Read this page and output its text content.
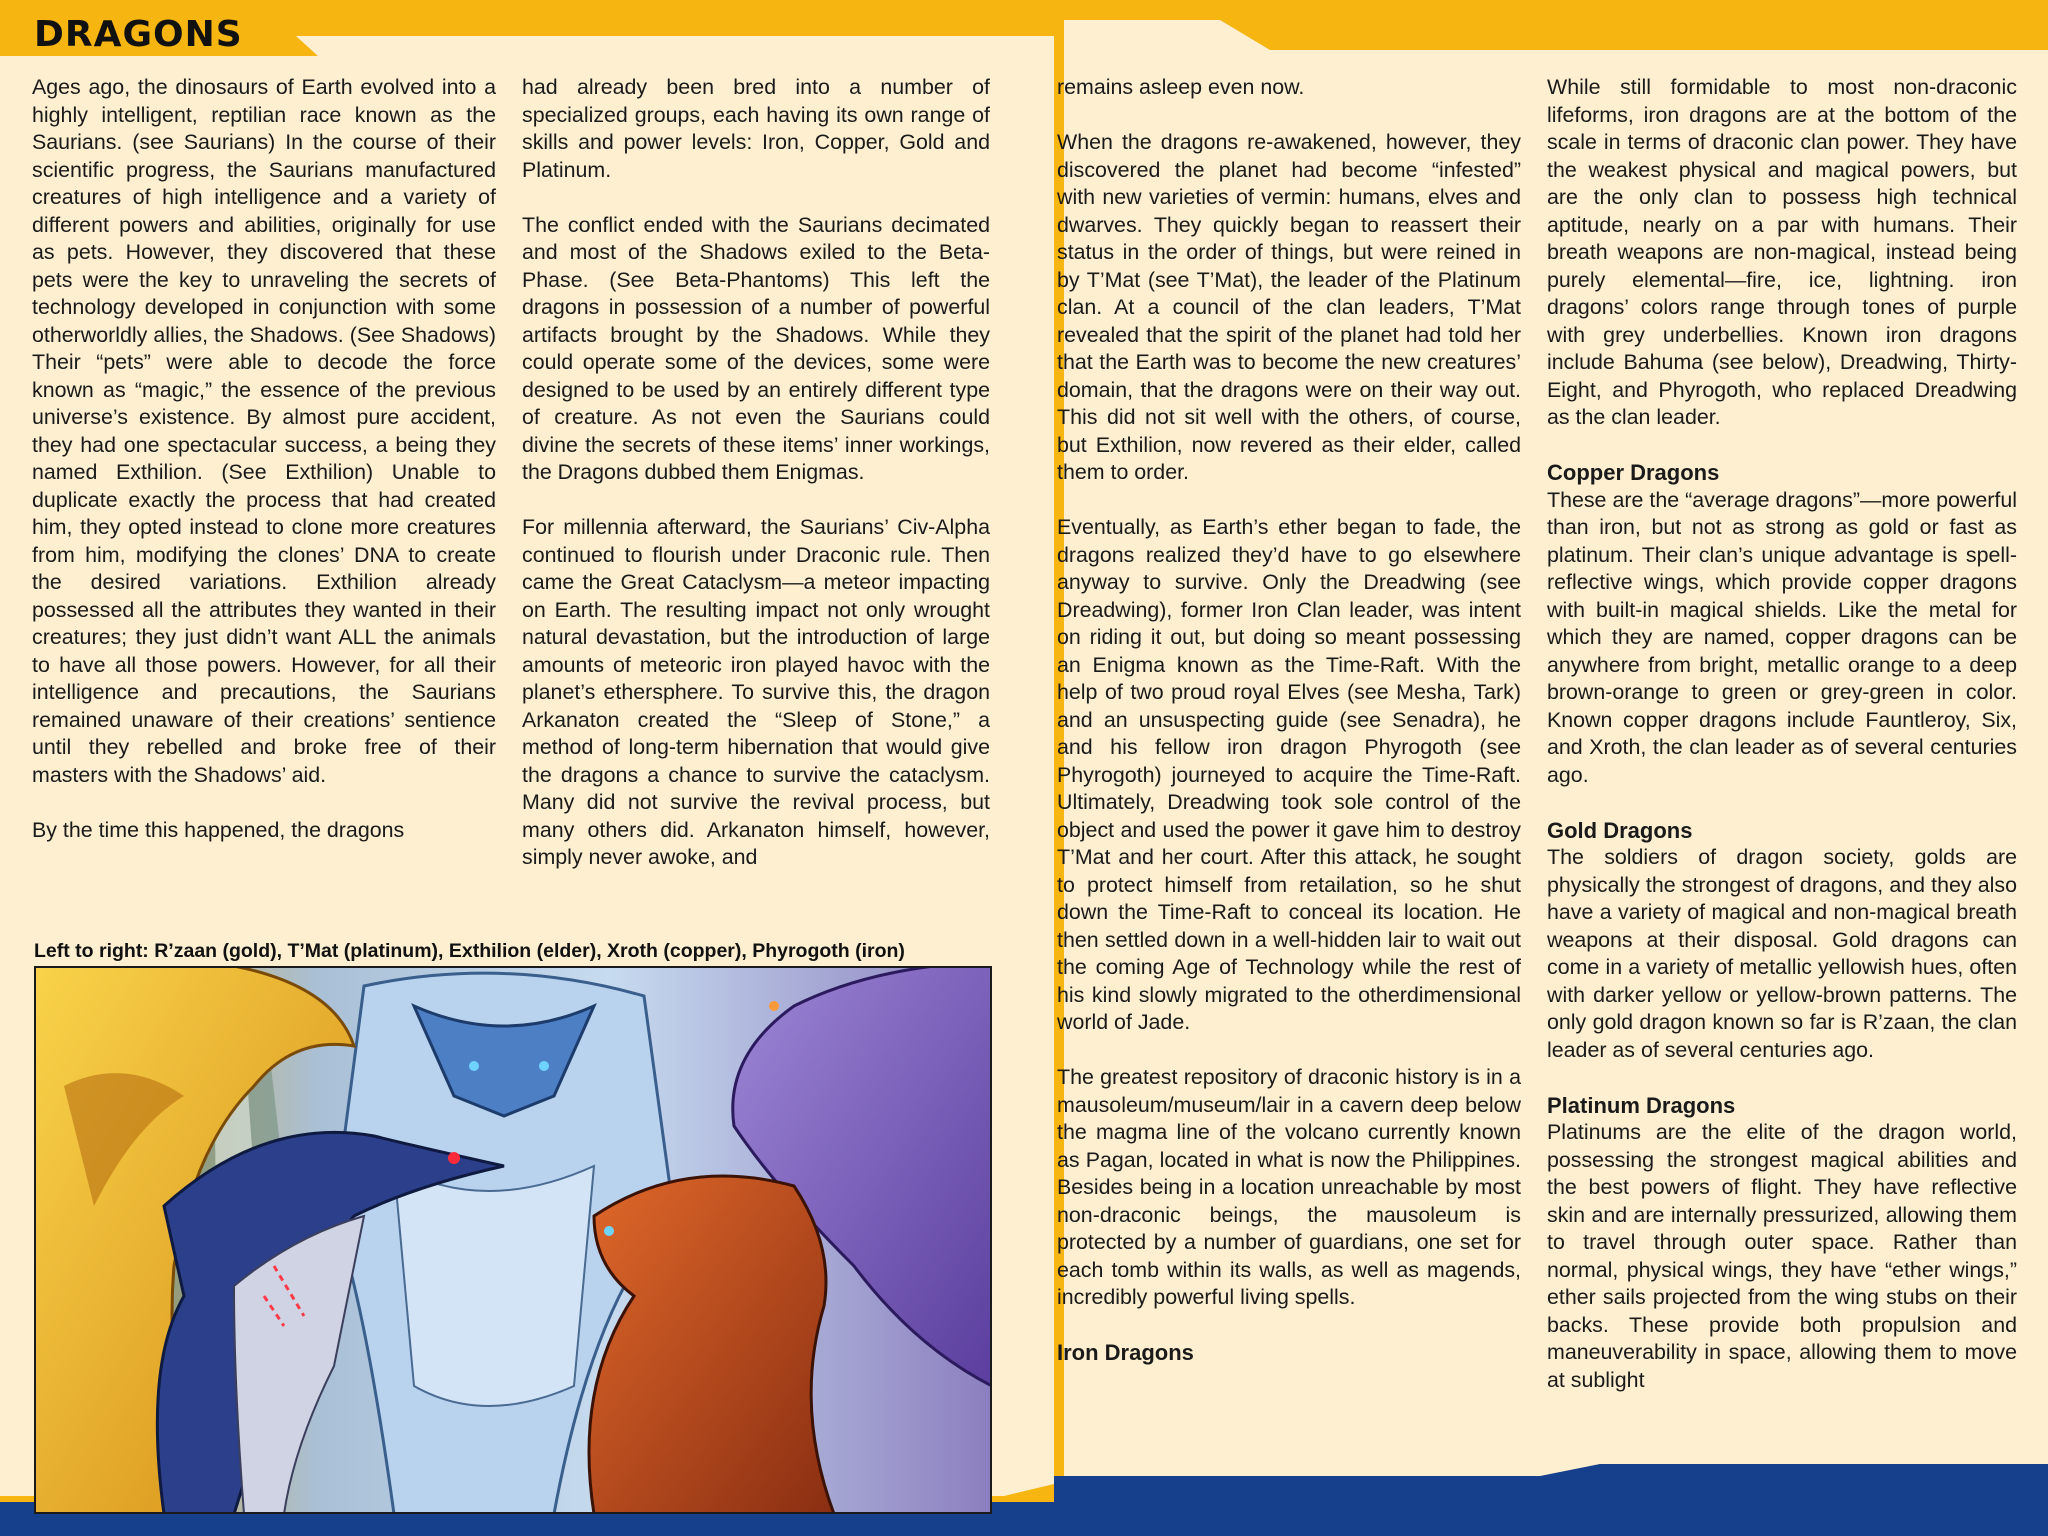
DRAGONS

Ages ago, the dinosaurs of Earth evolved into a highly intelligent, reptilian race known as the Saurians. (see Saurians) In the course of their scientific progress, the Saurians manufactured creatures of high intelligence and a variety of different powers and abilities, originally for use as pets. However, they discovered that these pets were the key to unraveling the secrets of technology developed in conjunction with some otherworldly allies, the Shadows. (See Shadows) Their “pets” were able to decode the force known as “magic,” the essence of the previous universe’s existence. By almost pure accident, they had one spectacular success, a being they named Exthilion. (See Exthilion) Unable to duplicate exactly the process that had created him, they opted instead to clone more creatures from him, modifying the clones’ DNA to create the desired variations. Exthilion already possessed all the attributes they wanted in their creatures; they just didn’t want ALL the animals to have all those powers. However, for all their intelligence and precautions, the Saurians remained unaware of their creations’ sentience until they rebelled and broke free of their masters with the Shadows’ aid.

By the time this happened, the dragons

had already been bred into a number of specialized groups, each having its own range of skills and power levels: Iron, Copper, Gold and Platinum.

The conflict ended with the Saurians decimated and most of the Shadows exiled to the Beta-Phase. (See Beta-Phantoms) This left the dragons in possession of a number of powerful artifacts brought by the Shadows. While they could operate some of the devices, some were designed to be used by an entirely different type of creature. As not even the Saurians could divine the secrets of these items’ inner workings, the Dragons dubbed them Enigmas.

For millennia afterward, the Saurians’ Civ-Alpha continued to flourish under Draconic rule. Then came the Great Cataclysm—a meteor impacting on Earth. The resulting impact not only wrought natural devastation, but the introduction of large amounts of meteoric iron played havoc with the planet’s ethersphere. To survive this, the dragon Arkanaton created the “Sleep of Stone,” a method of long-term hibernation that would give the dragons a chance to survive the cataclysm. Many did not survive the revival process, but many others did. Arkanaton himself, however, simply never awoke, and

remains asleep even now.

When the dragons re-awakened, however, they discovered the planet had become “infested” with new varieties of vermin: humans, elves and dwarves. They quickly began to reassert their status in the order of things, but were reined in by T’Mat (see T’Mat), the leader of the Platinum clan. At a council of the clan leaders, T’Mat revealed that the spirit of the planet had told her that the Earth was to become the new creatures’ domain, that the dragons were on their way out. This did not sit well with the others, of course, but Exthilion, now revered as their elder, called them to order.

Eventually, as Earth’s ether began to fade, the dragons realized they’d have to go elsewhere anyway to survive. Only the Dreadwing (see Dreadwing), former Iron Clan leader, was intent on riding it out, but doing so meant possessing an Enigma known as the Time-Raft. With the help of two proud royal Elves (see Mesha, Tark) and an unsuspecting guide (see Senadra), he and his fellow iron dragon Phyrogoth (see Phyrogoth) journeyed to acquire the Time-Raft. Ultimately, Dreadwing took sole control of the object and used the power it gave him to destroy T’Mat and her court. After this attack, he sought to protect himself from retailation, so he shut down the Time-Raft to conceal its location. He then settled down in a well-hidden lair to wait out the coming Age of Technology while the rest of his kind slowly migrated to the otherdimensional world of Jade.

The greatest repository of draconic history is in a mausoleum/museum/lair in a cavern deep below the magma line of the volcano currently known as Pagan, located in what is now the Philippines. Besides being in a location unreachable by most non-draconic beings, the mausoleum is protected by a number of guardians, one set for each tomb within its walls, as well as magends, incredibly powerful living spells.

Iron Dragons

While still formidable to most non-draconic lifeforms, iron dragons are at the bottom of the scale in terms of draconic clan power. They have the weakest physical and magical powers, but are the only clan to possess high technical aptitude, nearly on a par with humans. Their breath weapons are non-magical, instead being purely elemental—fire, ice, lightning. iron dragons’ colors range through tones of purple with grey underbellies. Known iron dragons include Bahuma (see below), Dreadwing, Thirty-Eight, and Phyrogoth, who replaced Dreadwing as the clan leader.

Copper Dragons

These are the “average dragons”—more powerful than iron, but not as strong as gold or fast as platinum. Their clan’s unique advantage is spell-reflective wings, which provide copper dragons with built-in magical shields. Like the metal for which they are named, copper dragons can be anywhere from bright, metallic orange to a deep brown-orange to green or grey-green in color. Known copper dragons include Fauntleroy, Six, and Xroth, the clan leader as of several centuries ago.

Gold Dragons

The soldiers of dragon society, golds are physically the strongest of dragons, and they also have a variety of magical and non-magical breath weapons at their disposal. Gold dragons can come in a variety of metallic yellowish hues, often with darker yellow or yellow-brown patterns. The only gold dragon known so far is R’zaan, the clan leader as of several centuries ago.

Platinum Dragons

Platinums are the elite of the dragon world, possessing the strongest magical abilities and the best powers of flight. They have reflective skin and are internally pressurized, allowing them to travel through outer space. Rather than normal, physical wings, they have “ether wings,” ether sails projected from the wing stubs on their backs. These provide both propulsion and maneuverability in space, allowing them to move at sublight

Left to right: R’zaan (gold), T’Mat (platinum), Exthilion (elder), Xroth (copper), Phyrogoth (iron)
